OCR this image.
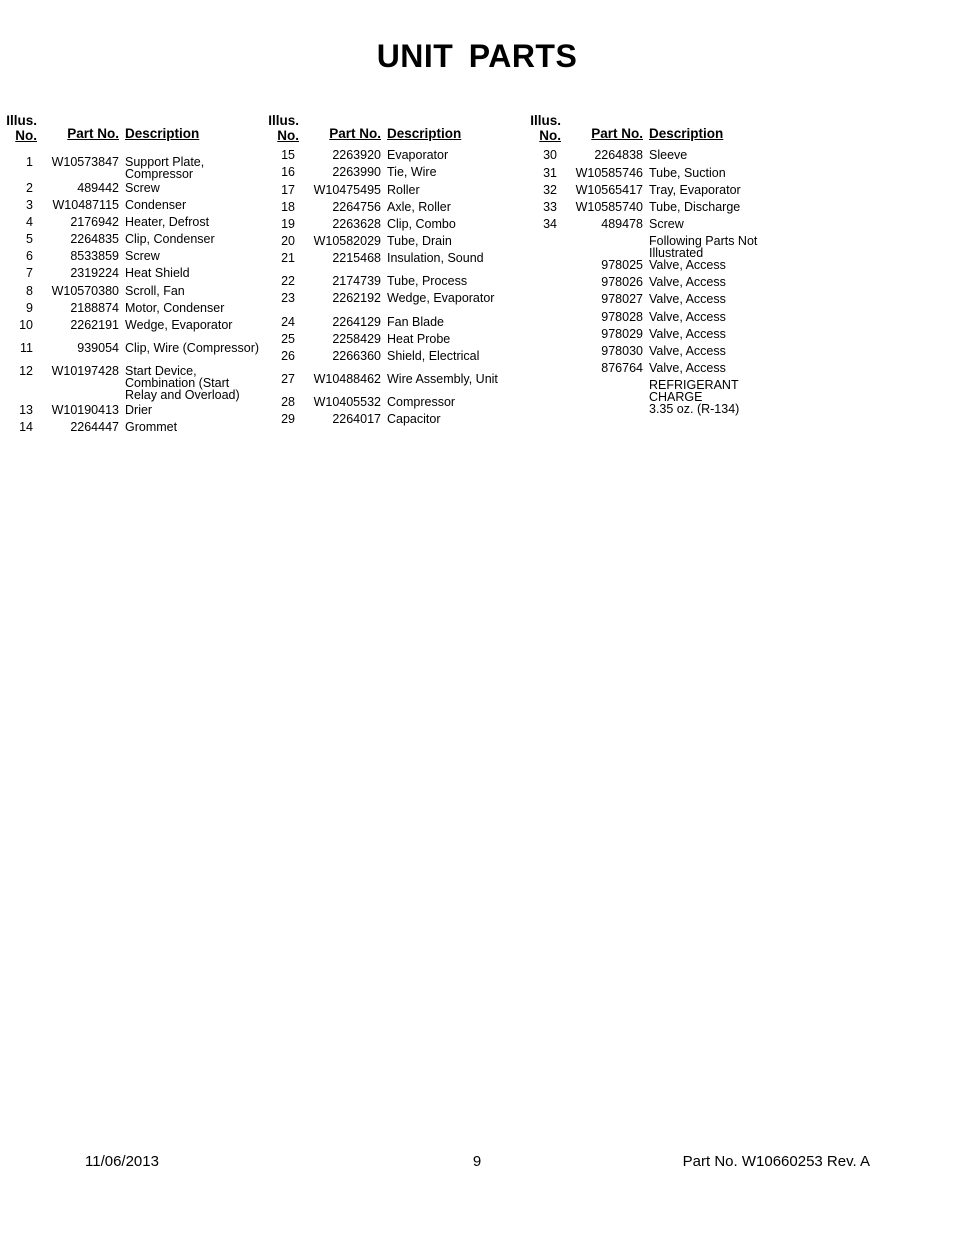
UNIT PARTS
Illus.
No. Part No. Description
1 W10573847 Support Plate,
Compressor
2	489442 Screw
3 W10487115 Condenser
4	2176942 Heater, Defrost
5	2264835 Clip, Condenser
6	8533859 Screw
7	2319224 Heat Shield
8 W10570380 Scroll, Fan
9	2188874 Motor, Condenser
10	2262191 Wedge, Evaporator
11	939054 Clip, Wire (Compressor)
12 W10197428 Start Device,
Combination (Start
Relay and Overload)
13 W10190413 Drier
14	2264447 Grommet
Illus.
No. Part No. Description
15	2263920 Evaporator
16	2263990 Tie, Wire
17 W10475495 Roller
18	2264756 Axle, Roller
19	2263628 Clip, Combo
20 W10582029 Tube, Drain
21	2215468 Insulation, Sound
22	2174739 Tube, Process
23	2262192 Wedge, Evaporator
24	2264129 Fan Blade
25	2258429 Heat Probe
26	2266360 Shield, Electrical
27 W10488462 Wire Assembly, Unit
28 W10405532 Compressor
29	2264017 Capacitor
Illus.
No. Part No. Description
30	2264838 Sleeve
31 W10585746 Tube, Suction
32 W10565417 Tray, Evaporator
33 W10585740 Tube, Discharge
34	489478 Screw
Following Parts Not
Illustrated
978025 Valve, Access
978026 Valve, Access
978027 Valve, Access
978028 Valve, Access
978029 Valve, Access
978030 Valve, Access
876764 Valve, Access
REFRIGERANT
CHARGE
3.35 oz. (R-134)
11/06/2013	9	Part No. W10660253 Rev. A
